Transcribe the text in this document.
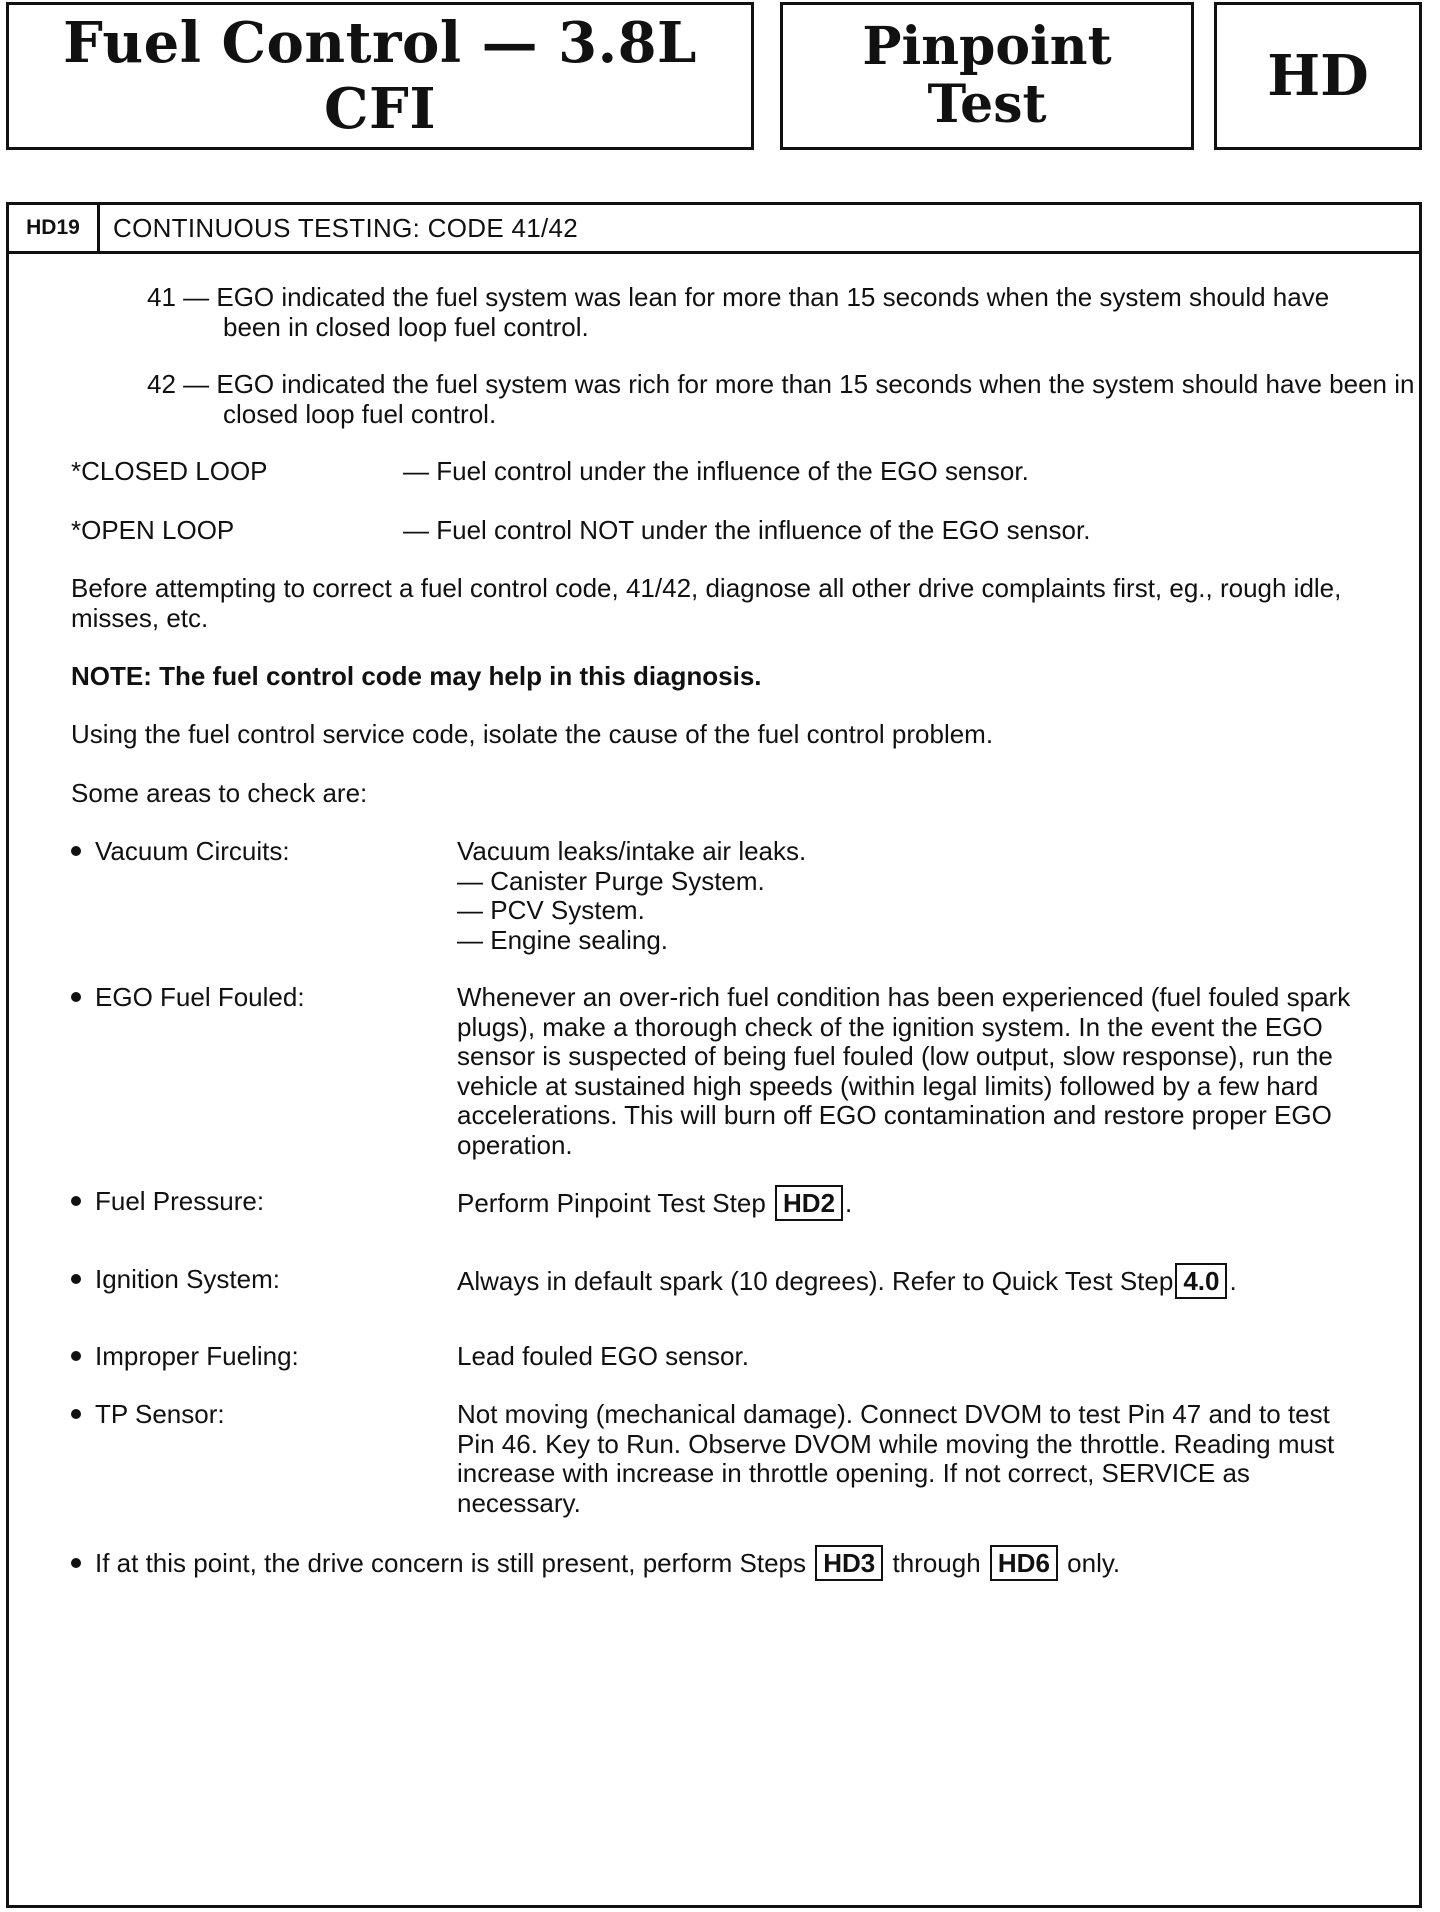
Fuel Control — 3.8L CFI
Pinpoint
Test	HD
HD19	CONTINUOUS TESTING: CODE 41/42
41 — EGO indicated the fuel system was lean for more than 15 seconds when the system should have been in closed loop fuel control.
42 — EGO indicated the fuel system was rich for more than 15 seconds when the system should have been in closed loop fuel control.
*CLOSED LOOP	— Fuel control under the influence of the EGO sensor.
*OPEN LOOP	— Fuel control NOT under the influence of the EGO sensor.
Before attempting to correct a fuel control code, 41/42, diagnose all other drive complaints first, eg., rough idle, misses, etc.
NOTE: The fuel control code may help in this diagnosis.
Using the fuel control service code, isolate the cause of the fuel control problem.
Some areas to check are:
Vacuum Circuits:	Vacuum leaks/intake air leaks.
— Canister Purge System.
— PCV System.
— Engine sealing.
EGO Fuel Fouled:	Whenever an over-rich fuel condition has been experienced (fuel fouled spark plugs), make a thorough check of the ignition system. In the event the EGO sensor is suspected of being fuel fouled (low output, slow response), run the vehicle at sustained high speeds (within legal limits) followed by a few hard accelerations. This will burn off EGO contamination and restore proper EGO operation.
Fuel Pressure:	Perform Pinpoint Test Step HD2 .
Ignition System:	Always in default spark (10 degrees). Refer to Quick Test Step 4.0 .
Improper Fueling:	Lead fouled EGO sensor.
TP Sensor:	Not moving (mechanical damage). Connect DVOM to test Pin 47 and to test Pin 46. Key to Run. Observe DVOM while moving the throttle. Reading must increase with increase in throttle opening. If not correct, SERVICE as necessary.
If at this point, the drive concern is still present, perform Steps HD3 through HD6 only.
